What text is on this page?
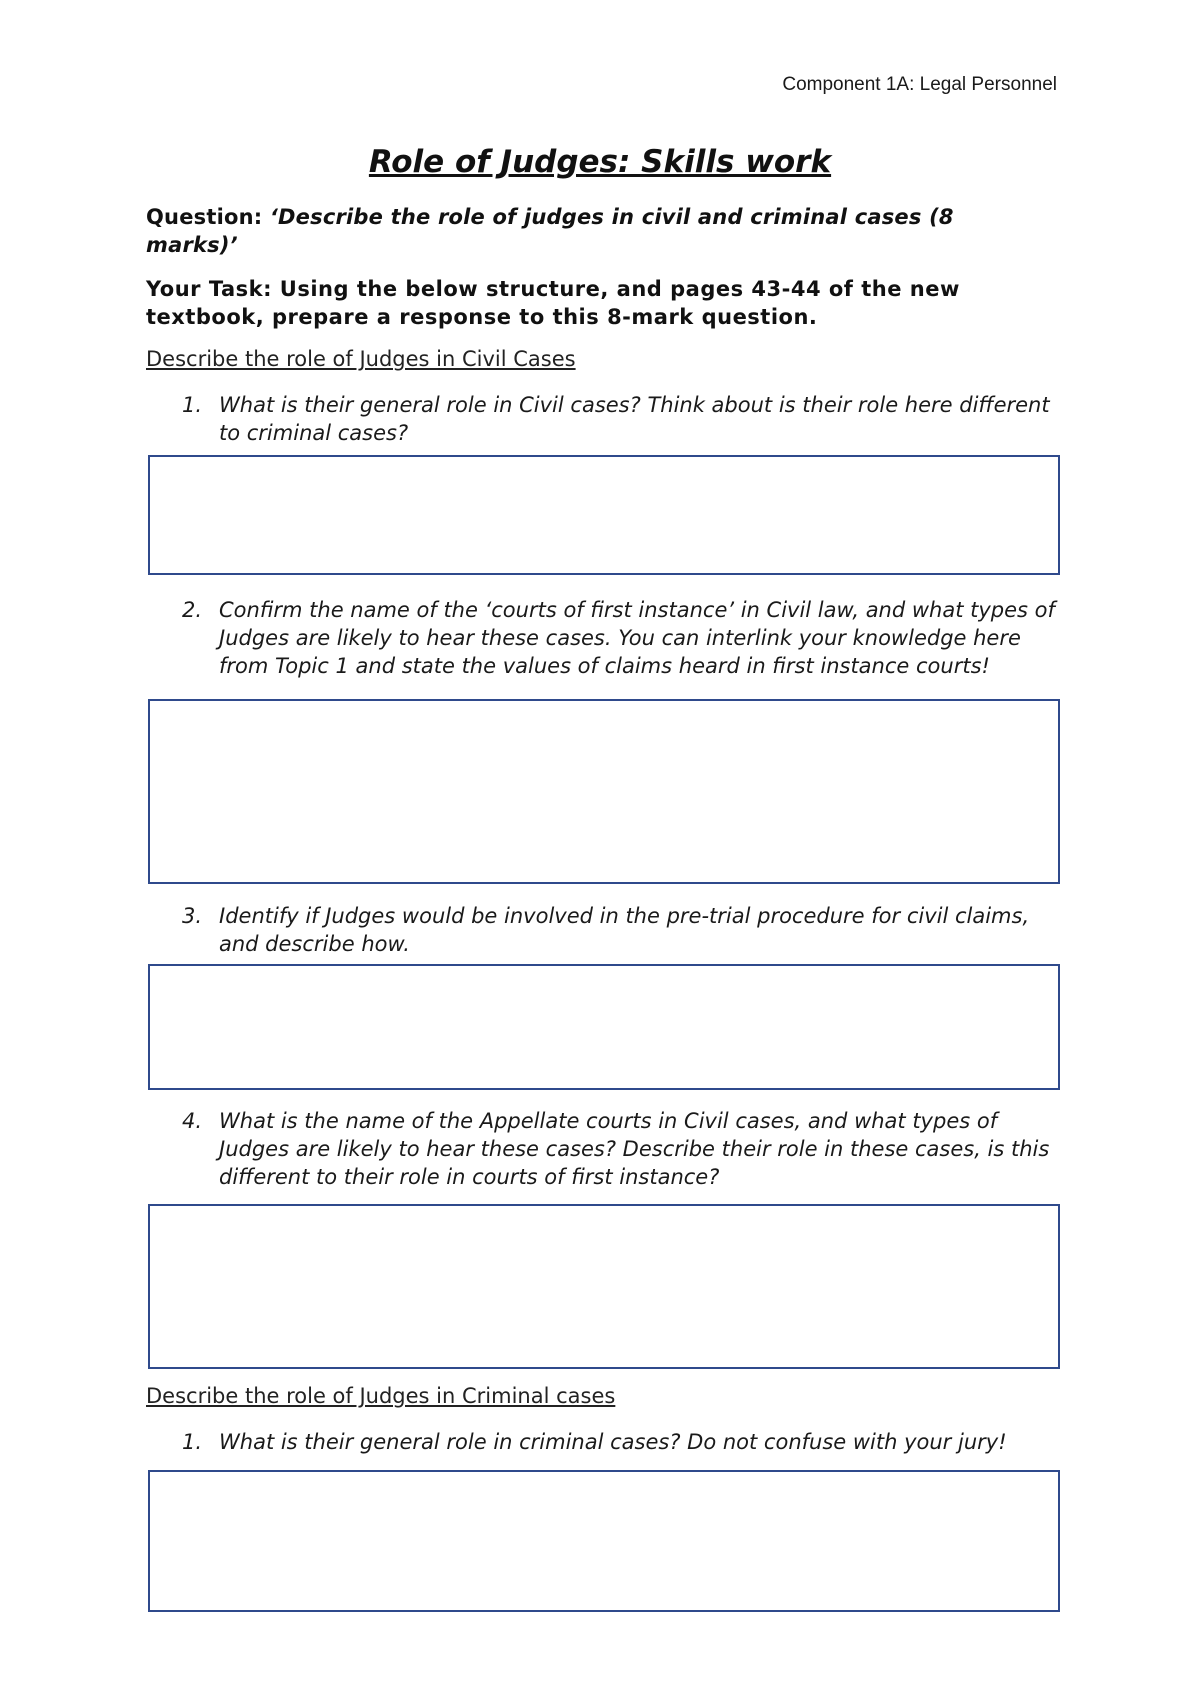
Component 1A: Legal Personnel
Role of Judges: Skills work
Question: ‘Describe the role of judges in civil and criminal cases (8 marks)’
Your Task: Using the below structure, and pages 43-44 of the new textbook, prepare a response to this 8-mark question.
Describe the role of Judges in Civil Cases
1. What is their general role in Civil cases? Think about is their role here different to criminal cases?
2. Confirm the name of the ‘courts of first instance’ in Civil law, and what types of Judges are likely to hear these cases. You can interlink your knowledge here from Topic 1 and state the values of claims heard in first instance courts!
3. Identify if Judges would be involved in the pre-trial procedure for civil claims, and describe how.
4. What is the name of the Appellate courts in Civil cases, and what types of Judges are likely to hear these cases? Describe their role in these cases, is this different to their role in courts of first instance?
Describe the role of Judges in Criminal cases
1. What is their general role in criminal cases? Do not confuse with your jury!
